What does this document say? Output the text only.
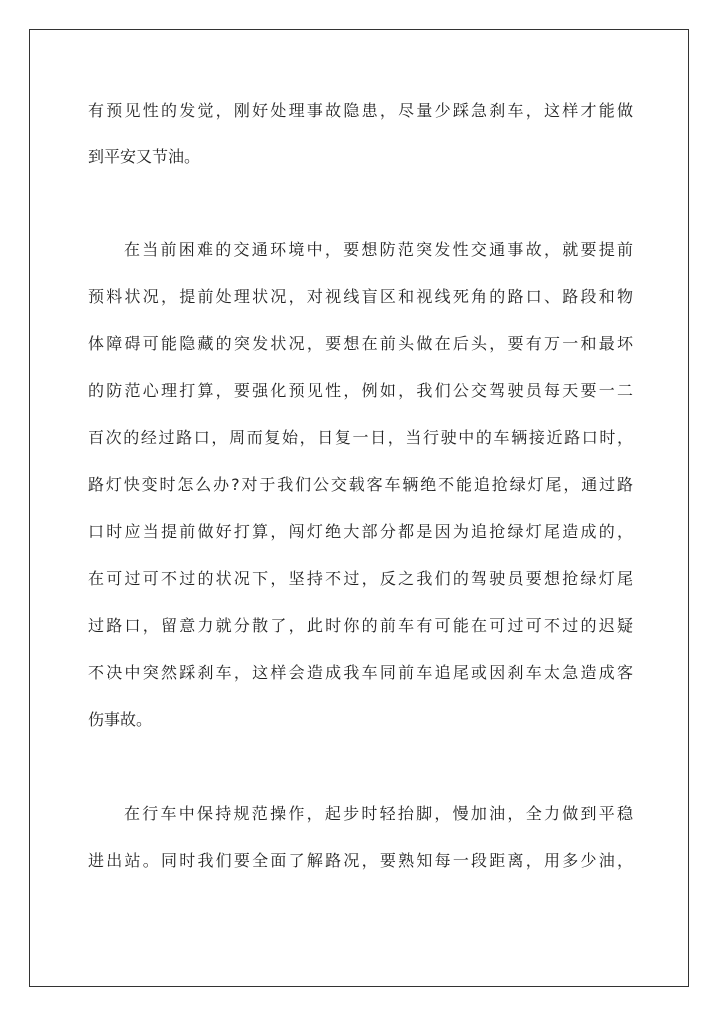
有预见性的发觉，刚好处理事故隐患，尽量少踩急刹车，这样才能做
到平安又节油。
在当前困难的交通环境中，要想防范突发性交通事故，就要提前
预料状况，提前处理状况，对视线盲区和视线死角的路口、路段和物
体障碍可能隐藏的突发状况，要想在前头做在后头，要有万一和最坏
的防范心理打算，要强化预见性，例如，我们公交驾驶员每天要一二
百次的经过路口，周而复始，日复一日，当行驶中的车辆接近路口时，
路灯快变时怎么办?对于我们公交载客车辆绝不能追抢绿灯尾，通过路
口时应当提前做好打算，闯灯绝大部分都是因为追抢绿灯尾造成的，
在可过可不过的状况下，坚持不过，反之我们的驾驶员要想抢绿灯尾
过路口，留意力就分散了，此时你的前车有可能在可过可不过的迟疑
不决中突然踩刹车，这样会造成我车同前车追尾或因刹车太急造成客
伤事故。
在行车中保持规范操作，起步时轻抬脚，慢加油，全力做到平稳
进出站。同时我们要全面了解路况，要熟知每一段距离，用多少油，
